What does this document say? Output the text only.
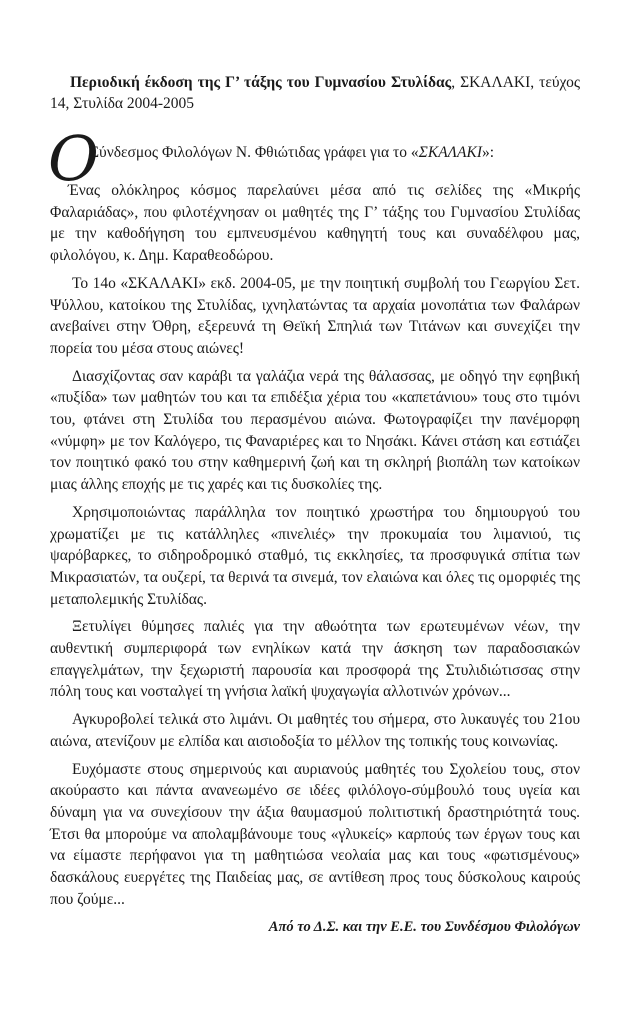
Περιοδική έκδοση της Γ’ τάξης του Γυμνασίου Στυλίδας, ΣΚΑΛΑΚΙ, τεύχος 14, Στυλίδα 2004-2005

Ο
Σύνδεσμος Φιλολόγων Ν. Φθιώτιδας γράφει για το «ΣΚΑΛΑΚΙ»:

Ένας ολόκληρος κόσμος παρελαύνει μέσα από τις σελίδες της «Μικρής Φαλαριάδας», που φιλοτέχνησαν οι μαθητές της Γ’ τάξης του Γυμνασίου Στυλίδας με την καθοδήγηση του εμπνευσμένου καθηγητή τους και συναδέλφου μας, φιλολόγου, κ. Δημ. Καραθεοδώρου.

Το 14ο «ΣΚΑΛΑΚΙ» εκδ. 2004-05, με την ποιητική συμβολή του Γεωργίου Σετ. Ψύλλου, κατοίκου της Στυλίδας, ιχνηλατώντας τα αρχαία μονοπάτια των Φαλάρων ανεβαίνει στην Όθρη, εξερευνά τη Θεϊκή Σπηλιά των Τιτάνων και συνεχίζει την πορεία του μέσα στους αιώνες!

Διασχίζοντας σαν καράβι τα γαλάζια νερά της θάλασσας, με οδηγό την εφηβική «πυξίδα» των μαθητών του και τα επιδέξια χέρια του «καπετάνιου» τους στο τιμόνι του, φτάνει στη Στυλίδα του περασμένου αιώνα. Φωτογραφίζει την πανέμορφη «νύμφη» με τον Καλόγερο, τις Φαναριέρες και το Νησάκι. Κάνει στάση και εστιάζει τον ποιητικό φακό του στην καθημερινή ζωή και τη σκληρή βιοπάλη των κατοίκων μιας άλλης εποχής με τις χαρές και τις δυσκολίες της.

Χρησιμοποιώντας παράλληλα τον ποιητικό χρωστήρα του δημιουργού του χρωματίζει με τις κατάλληλες «πινελιές» την προκυμαία του λιμανιού, τις ψαρόβαρκες, το σιδηροδρομικό σταθμό, τις εκκλησίες, τα προσφυγικά σπίτια των Μικρασιατών, τα ουζερί, τα θερινά τα σινεμά, τον ελαιώνα και όλες τις ομορφιές της μεταπολεμικής Στυλίδας.

Ξετυλίγει θύμησες παλιές για την αθωότητα των ερωτευμένων νέων, την αυθεντική συμπεριφορά των ενηλίκων κατά την άσκηση των παραδοσιακών επαγγελμάτων, την ξεχωριστή παρουσία και προσφορά της Στυλιδιώτισσας στην πόλη τους και νοσταλγεί τη γνήσια λαϊκή ψυχαγωγία αλλοτινών χρόνων...

Αγκυροβολεί τελικά στο λιμάνι. Οι μαθητές του σήμερα, στο λυκαυγές του 21ου αιώνα, ατενίζουν με ελπίδα και αισιοδοξία το μέλλον της τοπικής τους κοινωνίας.

Ευχόμαστε στους σημερινούς και αυριανούς μαθητές του Σχολείου τους, στον ακούραστο και πάντα ανανεωμένο σε ιδέες φιλόλογο-σύμβουλό τους υγεία και δύναμη για να συνεχίσουν την άξια θαυμασμού πολιτιστική δραστηριότητά τους. Έτσι θα μπορούμε να απολαμβάνουμε τους «γλυκείς» καρπούς των έργων τους και να είμαστε περήφανοι για τη μαθητιώσα νεολαία μας και τους «φωτισμένους» δασκάλους ευεργέτες της Παιδείας μας, σε αντίθεση προς τους δύσκολους καιρούς που ζούμε...

Από το Δ.Σ. και την Ε.Ε. του Συνδέσμου Φιλολόγων
